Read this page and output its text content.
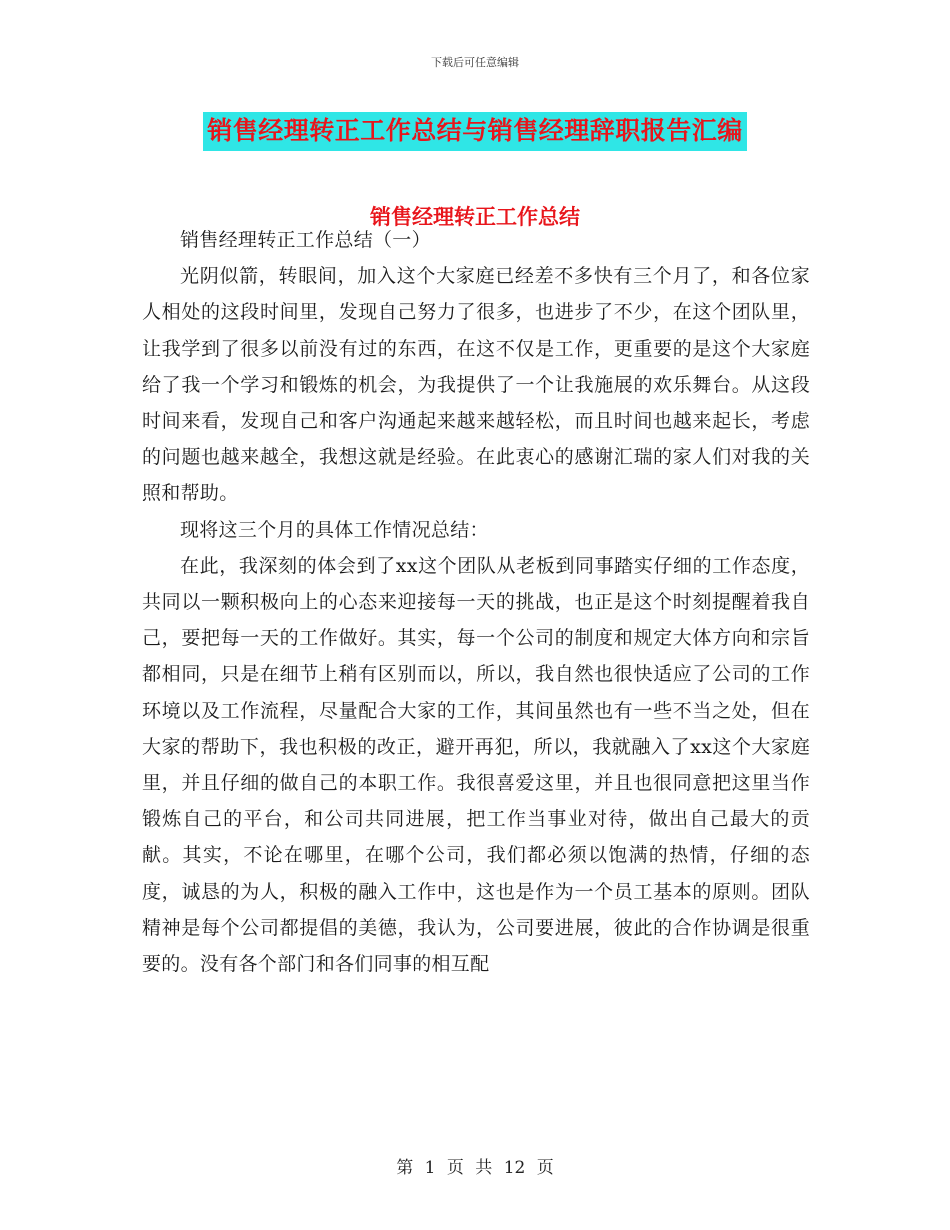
下载后可任意编辑
销售经理转正工作总结与销售经理辞职报告汇编
销售经理转正工作总结

销售经理转正工作总结（一）

光阴似箭，转眼间，加入这个大家庭已经差不多快有三个月了，和各位家人相处的这段时间里，发现自己努力了很多，也进步了不少，在这个团队里，让我学到了很多以前没有过的东西，在这不仅是工作，更重要的是这个大家庭给了我一个学习和锻炼的机会，为我提供了一个让我施展的欢乐舞台。从这段时间来看，发现自己和客户沟通起来越来越轻松，而且时间也越来起长，考虑的问题也越来越全，我想这就是经验。在此衷心的感谢汇瑞的家人们对我的关照和帮助。

现将这三个月的具体工作情况总结：

在此，我深刻的体会到了xx这个团队从老板到同事踏实仔细的工作态度，共同以一颗积极向上的心态来迎接每一天的挑战，也正是这个时刻提醒着我自己，要把每一天的工作做好。其实，每一个公司的制度和规定大体方向和宗旨都相同，只是在细节上稍有区别而以，所以，我自然也很快适应了公司的工作环境以及工作流程，尽量配合大家的工作，其间虽然也有一些不当之处，但在大家的帮助下，我也积极的改正，避开再犯，所以，我就融入了xx这个大家庭里，并且仔细的做自己的本职工作。我很喜爱这里，并且也很同意把这里当作锻炼自己的平台，和公司共同进展，把工作当事业对待，做出自己最大的贡献。其实，不论在哪里，在哪个公司，我们都必须以饱满的热情，仔细的态度，诚恳的为人，积极的融入工作中，这也是作为一个员工基本的原则。团队精神是每个公司都提倡的美德，我认为，公司要进展，彼此的合作协调是很重要的。没有各个部门和各们同事的相互配

第 1 页 共 12 页
